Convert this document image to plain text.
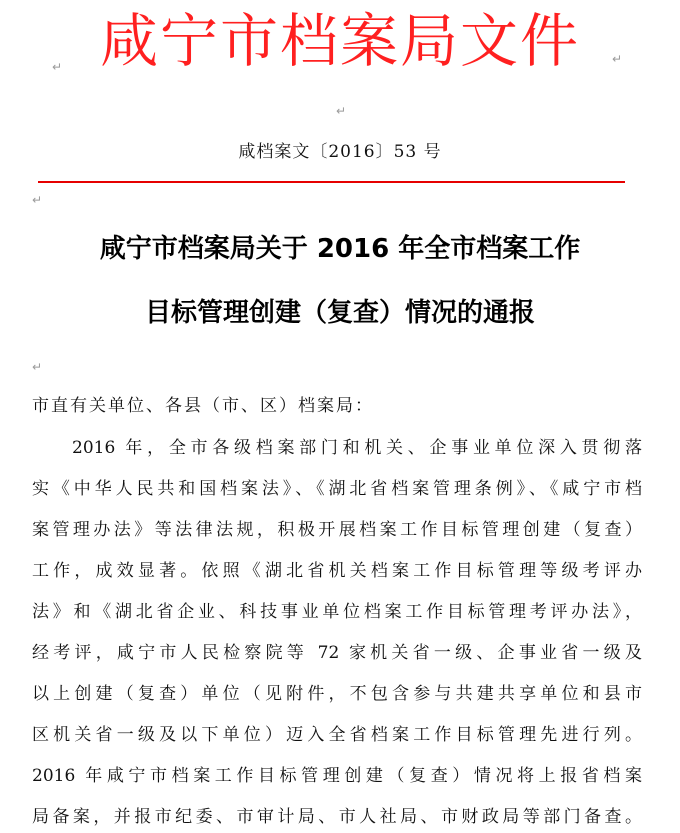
咸宁市档案局文件
↵
↵
↵
咸档案文〔2016〕53 号
↵
咸宁市档案局关于 2016 年全市档案工作
目标管理创建（复查）情况的通报
↵
市直有关单位、各县（市、区）档案局：
2016 年，全市各级档案部门和机关、企事业单位深入贯彻落
实《中华人民共和国档案法》、《湖北省档案管理条例》、《咸宁市档
案管理办法》等法律法规，积极开展档案工作目标管理创建（复查）
工作，成效显著。依照《湖北省机关档案工作目标管理等级考评办
法》和《湖北省企业、科技事业单位档案工作目标管理考评办法》，
经考评，咸宁市人民检察院等 72 家机关省一级、企事业省一级及
以上创建（复查）单位（见附件，不包含参与共建共享单位和县市
区机关省一级及以下单位）迈入全省档案工作目标管理先进行列。
2016 年咸宁市档案工作目标管理创建（复查）情况将上报省档案
局备案，并报市纪委、市审计局、市人社局、市财政局等部门备查。
